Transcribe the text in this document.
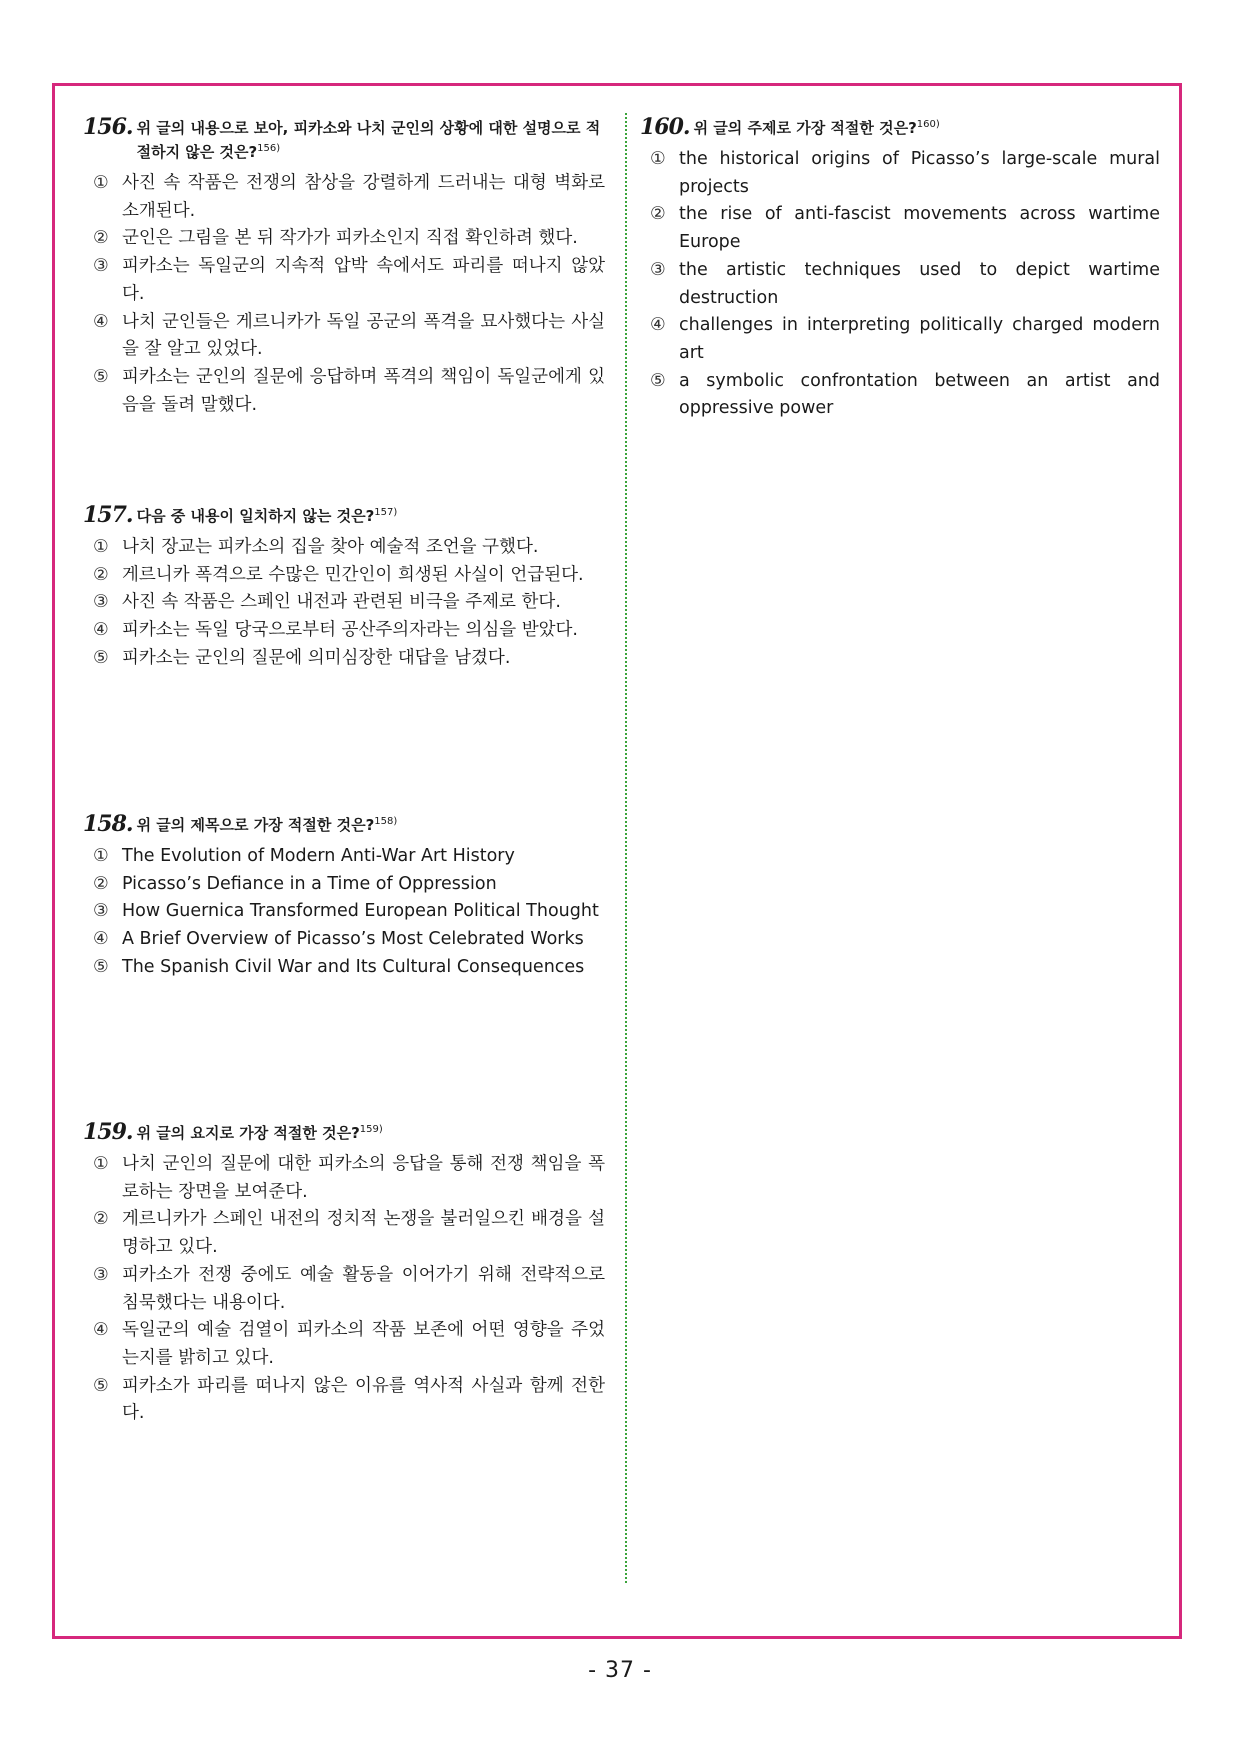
156. 위 글의 내용으로 보아, 피카소와 나치 군인의 상황에 대한 설명으로 적절하지 않은 것은?$^{156)}$
① 사진 속 작품은 전쟁의 참상을 강렬하게 드러내는 대형 벽화로 소개된다.
② 군인은 그림을 본 뒤 작가가 피카소인지 직접 확인하려 했다.
③ 피카소는 독일군의 지속적 압박 속에서도 파리를 떠나지 않았다.
④ 나치 군인들은 게르니카가 독일 공군의 폭격을 묘사했다는 사실을 잘 알고 있었다.
⑤ 피카소는 군인의 질문에 응답하며 폭격의 책임이 독일군에게 있음을 돌려 말했다.
157. 다음 중 내용이 일치하지 않는 것은?$^{157)}$
① 나치 장교는 피카소의 집을 찾아 예술적 조언을 구했다.
② 게르니카 폭격으로 수많은 민간인이 희생된 사실이 언급된다.
③ 사진 속 작품은 스페인 내전과 관련된 비극을 주제로 한다.
④ 피카소는 독일 당국으로부터 공산주의자라는 의심을 받았다.
⑤ 피카소는 군인의 질문에 의미심장한 대답을 남겼다.
158. 위 글의 제목으로 가장 적절한 것은?$^{158)}$
① The Evolution of Modern Anti-War Art History
② Picasso’s Defiance in a Time of Oppression
③ How Guernica Transformed European Political Thought
④ A Brief Overview of Picasso’s Most Celebrated Works
⑤ The Spanish Civil War and Its Cultural Consequences
159. 위 글의 요지로 가장 적절한 것은?$^{159)}$
① 나치 군인의 질문에 대한 피카소의 응답을 통해 전쟁 책임을 폭로하는 장면을 보여준다.
② 게르니카가 스페인 내전의 정치적 논쟁을 불러일으킨 배경을 설명하고 있다.
③ 피카소가 전쟁 중에도 예술 활동을 이어가기 위해 전략적으로 침묵했다는 내용이다.
④ 독일군의 예술 검열이 피카소의 작품 보존에 어떤 영향을 주었는지를 밝히고 있다.
⑤ 피카소가 파리를 떠나지 않은 이유를 역사적 사실과 함께 전한다.
160. 위 글의 주제로 가장 적절한 것은?$^{160)}$
① the historical origins of Picasso’s large-scale mural projects
② the rise of anti-fascist movements across wartime Europe
③ the artistic techniques used to depict wartime destruction
④ challenges in interpreting politically charged modern art
⑤ a symbolic confrontation between an artist and oppressive power
- 37 -
